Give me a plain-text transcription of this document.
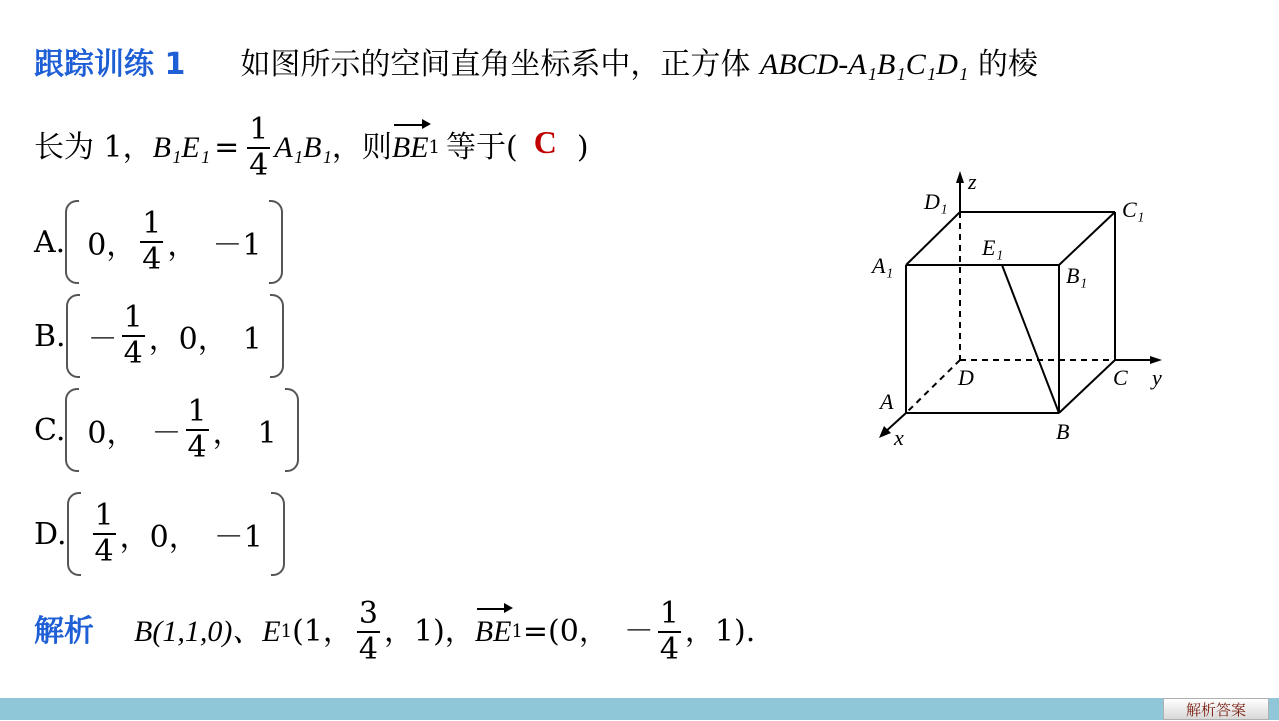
跟踪训练 1 如图所示的空间直角坐标系中，正方体 ABCD-A₁B₁C₁D₁ 的棱
长为 1， $B_1E_1 = \frac{1}{4} A_1B_1$ ，则 BE 1 等于( C )
A. 0， $\frac{1}{4}$ ，　－1
B. － $\frac{1}{4}$ ，0，　1
C. 0，　－ $\frac{1}{4}$ ，　1
D. $\frac{1}{4}$ ，0，　－1
解析 B(1,1,0)、E 1 (1， $\frac{3}{4}$ ，1)， BE 1 =(0，　－ $\frac{1}{4}$ ，1).
D₁	C₁
A₁	B₁
E₁
A
B
C
D
x
y
z
解析答案
